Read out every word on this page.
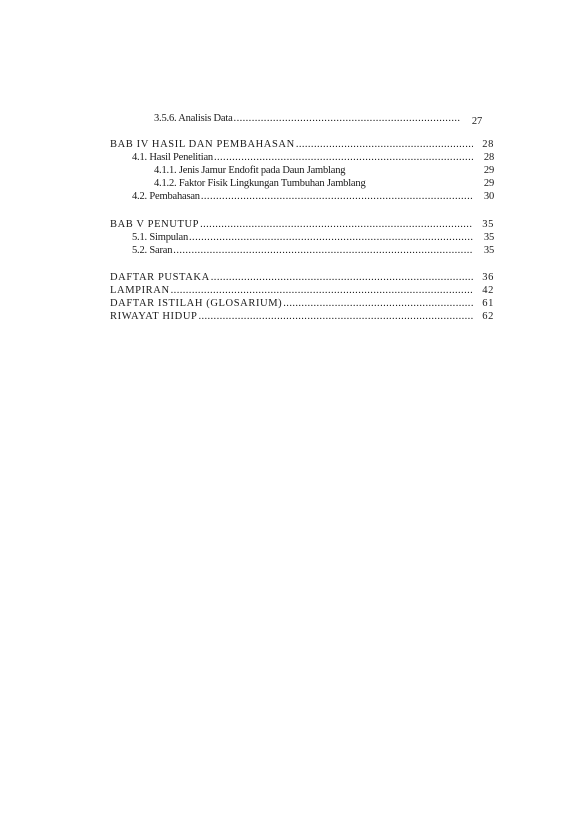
3.5.6. Analisis Data .....	27
BAB IV HASIL DAN PEMBAHASAN .....	28
4.1. Hasil Penelitian .....	28
4.1.1. Jenis Jamur Endofit pada Daun Jamblang	29
4.1.2. Faktor Fisik Lingkungan Tumbuhan Jamblang	29
4.2. Pembahasan .....	30
BAB V PENUTUP .....	35
5.1. Simpulan .....	35
5.2. Saran .....	35
DAFTAR PUSTAKA .....	36
LAMPIRAN .....	42
DAFTAR ISTILAH (GLOSARIUM) .....	61
RIWAYAT HIDUP .....	62
